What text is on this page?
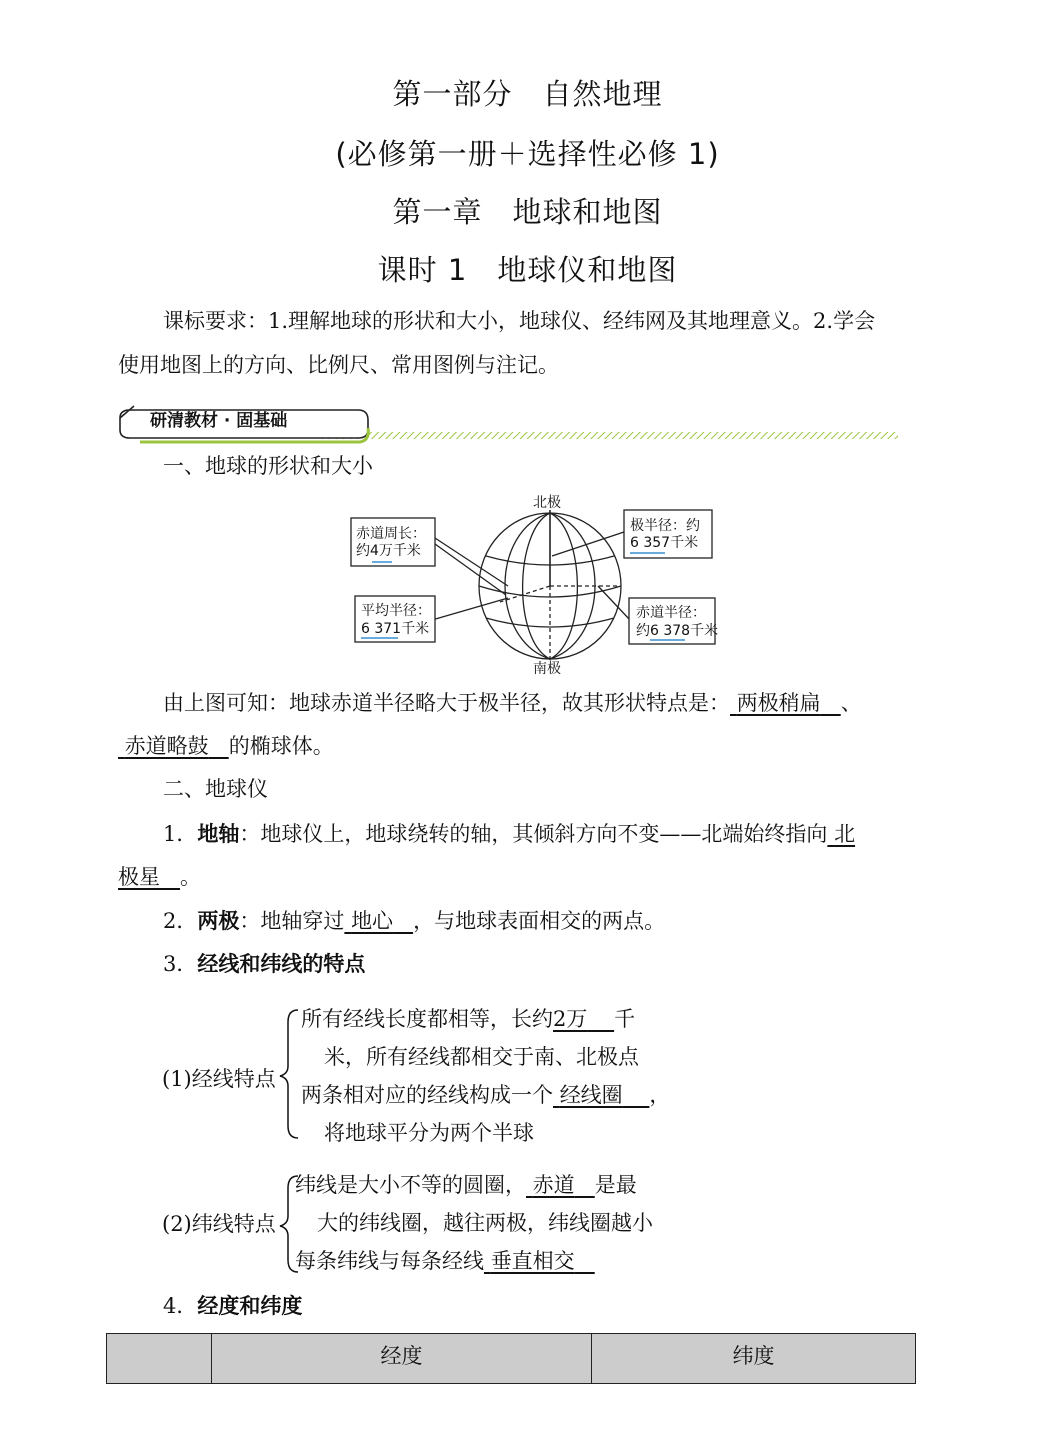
第一部分　自然地理
(必修第一册＋选择性必修 1)
第一章　地球和地图
课时 1　地球仪和地图
课标要求：1.理解地球的形状和大小，地球仪、经纬网及其地理意义。2.学会
使用地图上的方向、比例尺、常用图例与注记。
研清教材 · 固基础
一、地球的形状和大小
北极
南极
赤道周长：
约4万千米
极半径：约
6 357千米
平均半径：
6 371千米
赤道半径：
约6 378千米
由上图可知：地球赤道半径略大于极半径，故其形状特点是： 两极稍扁 、
赤道略鼓 的椭球体。
二、地球仪
1．地轴：地球仪上，地球绕转的轴，其倾斜方向不变——北端始终指向 北
极星 。
2．两极：地轴穿过 地心 ，与地球表面相交的两点。
3．经线和纬线的特点
(1)经线特点
所有经线长度都相等，长约2万 千
米，所有经线都相交于南、北极点
两条相对应的经线构成一个 经线圈 ，
将地球平分为两个半球
(2)纬线特点
纬线是大小不等的圆圈， 赤道 是最
大的纬线圈，越往两极，纬线圈越小
每条纬线与每条经线 垂直相交
4．经度和纬度
	经度	纬度
